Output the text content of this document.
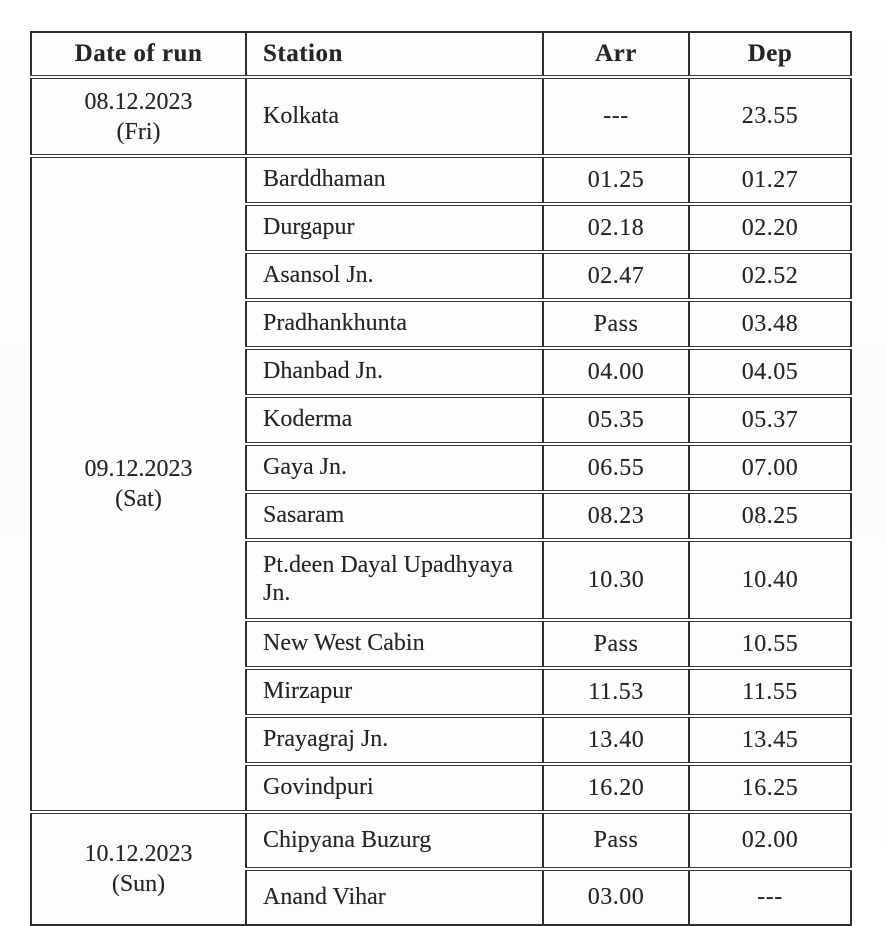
Date of run	Station	Arr	Dep

08.12.2023
(Fri)	Kolkata	---	23.55

09.12.2023
(Sat)	Barddhaman	01.25	01.27
	Durgapur	02.18	02.20
	Asansol Jn.	02.47	02.52
	Pradhankhunta	Pass	03.48
	Dhanbad Jn.	04.00	04.05
	Koderma	05.35	05.37
	Gaya Jn.	06.55	07.00
	Sasaram	08.23	08.25
	Pt.deen Dayal Upadhyaya Jn.	10.30	10.40
	New West Cabin	Pass	10.55
	Mirzapur	11.53	11.55
	Prayagraj Jn.	13.40	13.45
	Govindpuri	16.20	16.25

10.12.2023
(Sun)	Chipyana Buzurg	Pass	02.00
	Anand Vihar	03.00	---
